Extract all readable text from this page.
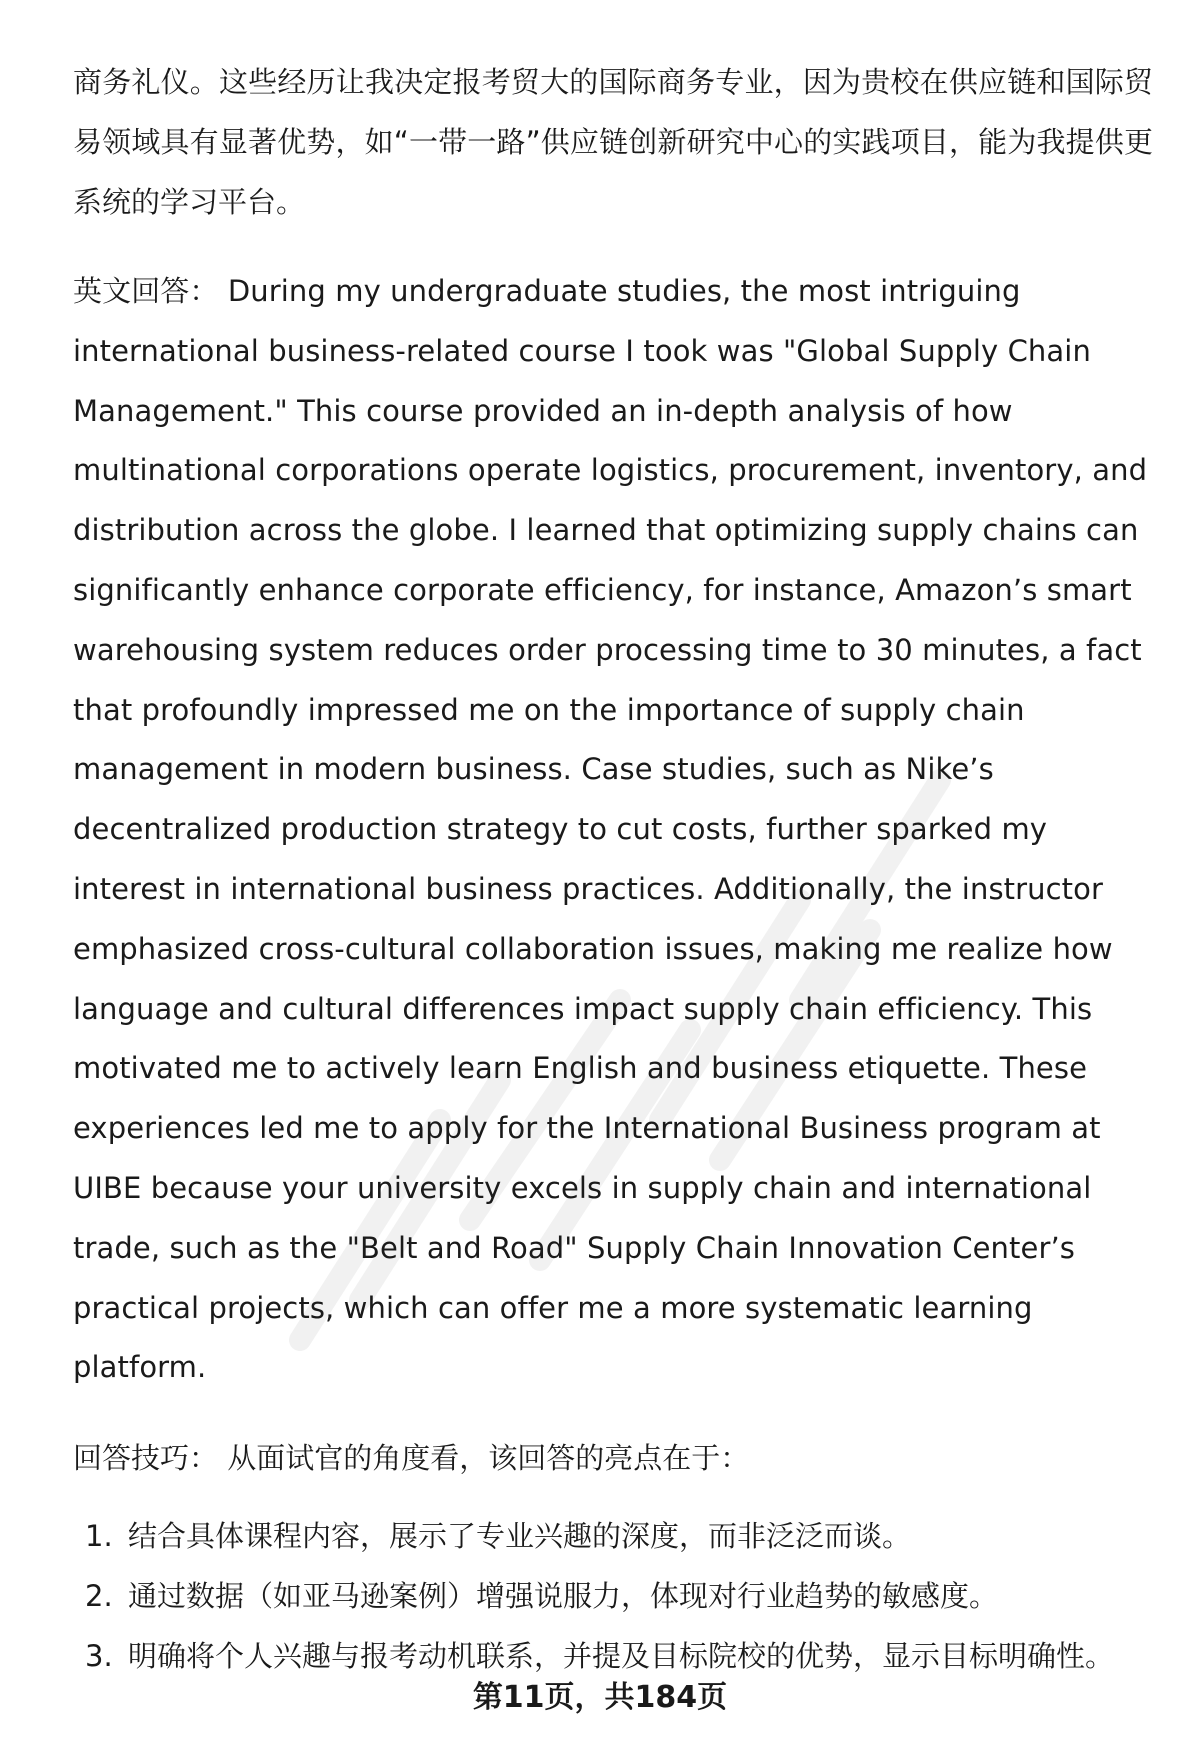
商务礼仪。这些经历让我决定报考贸大的国际商务专业，因为贵校在供应链和国际贸易领域具有显著优势，如“一带一路”供应链创新研究中心的实践项目，能为我提供更系统的学习平台。

英文回答： During my undergraduate studies, the most intriguing international business-related course I took was "Global Supply Chain Management." This course provided an in-depth analysis of how multinational corporations operate logistics, procurement, inventory, and distribution across the globe. I learned that optimizing supply chains can significantly enhance corporate efficiency, for instance, Amazon’s smart warehousing system reduces order processing time to 30 minutes, a fact that profoundly impressed me on the importance of supply chain management in modern business. Case studies, such as Nike’s decentralized production strategy to cut costs, further sparked my interest in international business practices. Additionally, the instructor emphasized cross-cultural collaboration issues, making me realize how language and cultural differences impact supply chain efficiency. This motivated me to actively learn English and business etiquette. These experiences led me to apply for the International Business program at UIBE because your university excels in supply chain and international trade, such as the "Belt and Road" Supply Chain Innovation Center’s practical projects, which can offer me a more systematic learning platform.

回答技巧： 从面试官的角度看，该回答的亮点在于：

1. 结合具体课程内容，展示了专业兴趣的深度，而非泛泛而谈。
2. 通过数据（如亚马逊案例）增强说服力，体现对行业趋势的敏感度。
3. 明确将个人兴趣与报考动机联系，并提及目标院校的优势，显示目标明确性。
第11页，共184页
